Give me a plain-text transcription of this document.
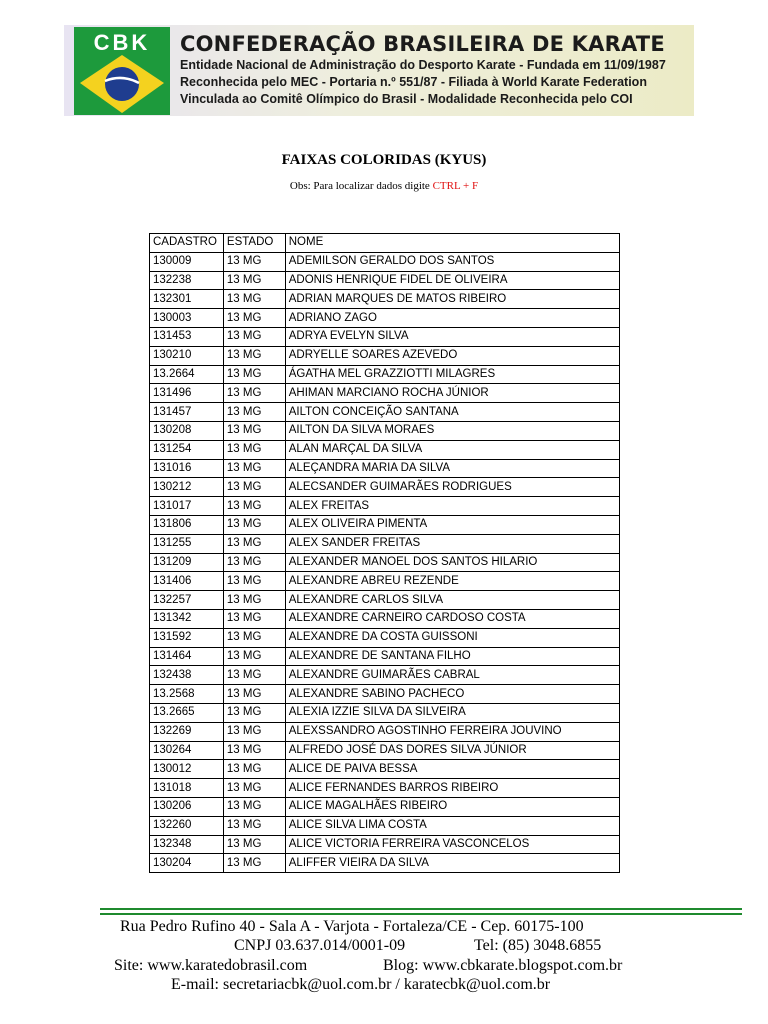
CBK CONFEDERAÇÃO BRASILEIRA DE KARATE
Entidade Nacional de Administração do Desporto Karate - Fundada em 11/09/1987
Reconhecida pelo MEC - Portaria n.º 551/87 - Filiada à World Karate Federation
Vinculada ao Comitê Olímpico do Brasil - Modalidade Reconhecida pelo COI
FAIXAS COLORIDAS (KYUS)
Obs: Para localizar dados digite CTRL + F
CADASTRO	ESTADO	NOME
130009	13 MG	ADEMILSON GERALDO DOS SANTOS
132238	13 MG	ADONIS HENRIQUE FIDEL DE OLIVEIRA
132301	13 MG	ADRIAN MARQUES DE MATOS RIBEIRO
130003	13 MG	ADRIANO ZAGO
131453	13 MG	ADRYA EVELYN SILVA
130210	13 MG	ADRYELLE SOARES AZEVEDO
13.2664	13 MG	ÁGATHA MEL GRAZZIOTTI MILAGRES
131496	13 MG	AHIMAN MARCIANO ROCHA JÚNIOR
131457	13 MG	AILTON CONCEIÇÃO SANTANA
130208	13 MG	AILTON DA SILVA MORAES
131254	13 MG	ALAN MARÇAL DA SILVA
131016	13 MG	ALEÇANDRA MARIA DA SILVA
130212	13 MG	ALECSANDER GUIMARÃES RODRIGUES
131017	13 MG	ALEX FREITAS
131806	13 MG	ALEX OLIVEIRA PIMENTA
131255	13 MG	ALEX SANDER FREITAS
131209	13 MG	ALEXANDER MANOEL DOS SANTOS HILARIO
131406	13 MG	ALEXANDRE ABREU REZENDE
132257	13 MG	ALEXANDRE CARLOS SILVA
131342	13 MG	ALEXANDRE CARNEIRO CARDOSO COSTA
131592	13 MG	ALEXANDRE DA COSTA GUISSONI
131464	13 MG	ALEXANDRE DE SANTANA FILHO
132438	13 MG	ALEXANDRE GUIMARÃES CABRAL
13.2568	13 MG	ALEXANDRE SABINO PACHECO
13.2665	13 MG	ALEXIA IZZIE SILVA DA SILVEIRA
132269	13 MG	ALEXSSANDRO AGOSTINHO FERREIRA JOUVINO
130264	13 MG	ALFREDO JOSÉ DAS DORES SILVA JÚNIOR
130012	13 MG	ALICE DE PAIVA BESSA
131018	13 MG	ALICE FERNANDES BARROS RIBEIRO
130206	13 MG	ALICE MAGALHÃES RIBEIRO
132260	13 MG	ALICE SILVA LIMA COSTA
132348	13 MG	ALICE VICTORIA FERREIRA VASCONCELOS
130204	13 MG	ALIFFER VIEIRA DA SILVA
Rua Pedro Rufino 40 - Sala A - Varjota - Fortaleza/CE - Cep. 60175-100
CNPJ 03.637.014/0001-09	Tel: (85) 3048.6855
Site: www.karatedobrasil.com	Blog: www.cbkarate.blogspot.com.br
E-mail: secretariacbk@uol.com.br / karatecbk@uol.com.br
